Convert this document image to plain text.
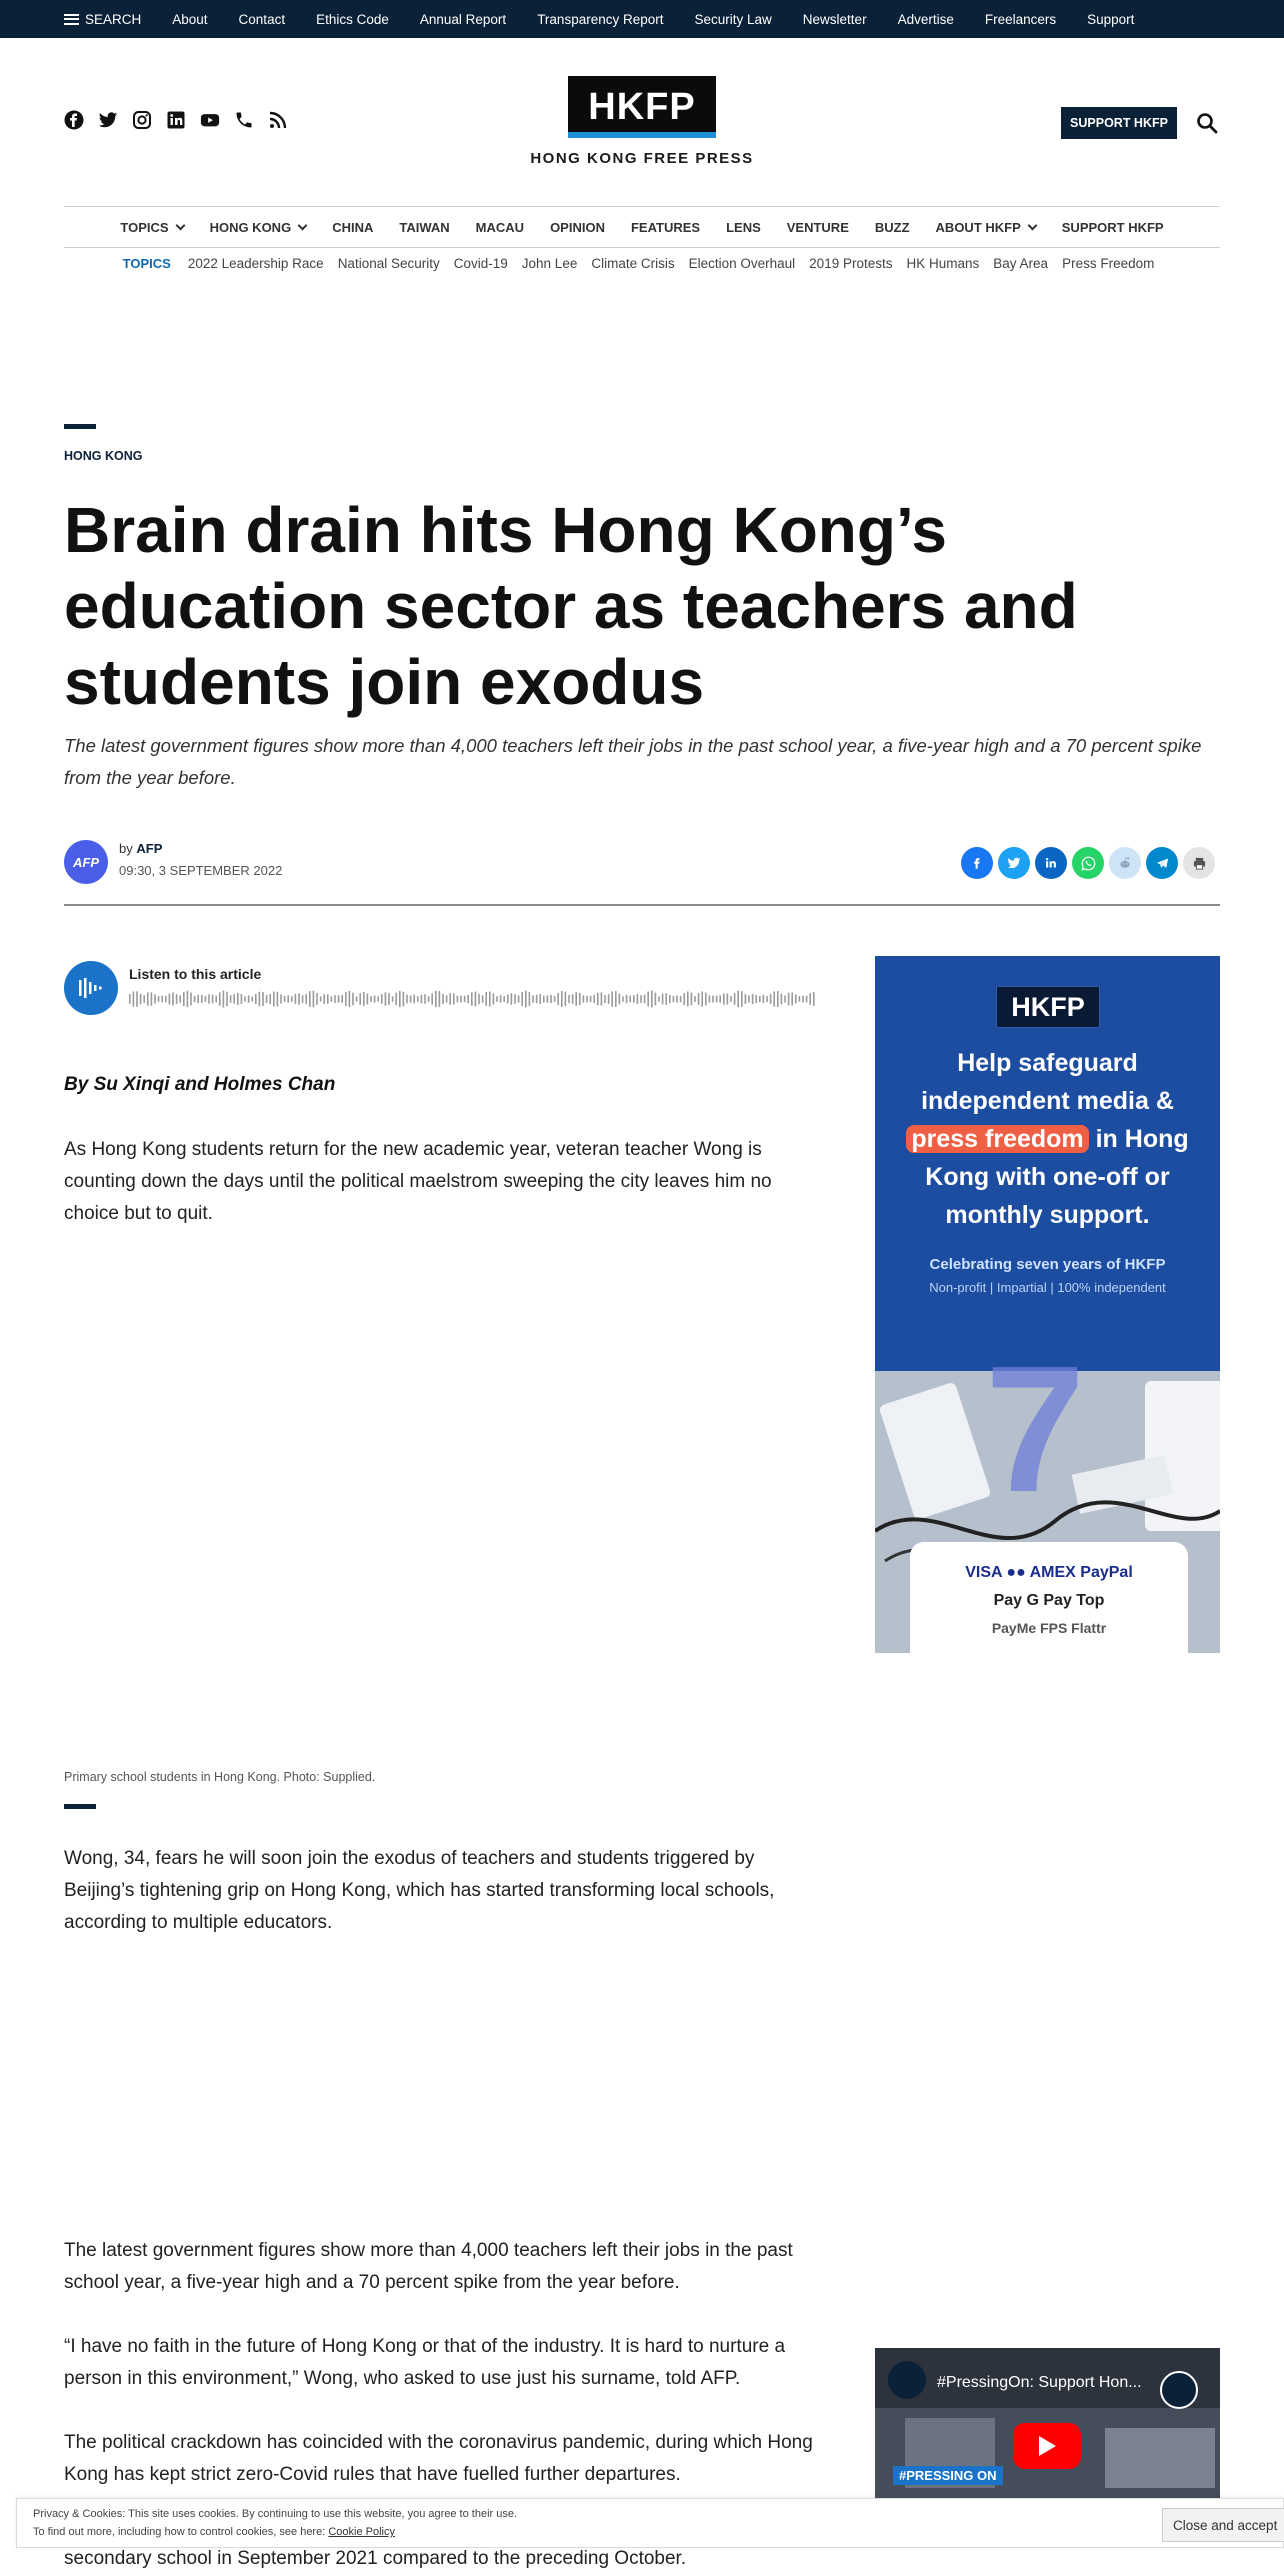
SEARCH About Contact Ethics Code Annual Report Transparency Report Security Law Newsletter Advertise Freelancers Support
HKFP
HONG KONG FREE PRESS
SUPPORT HKFP
TOPICS	HONG KONG	CHINA TAIWAN MACAU OPINION FEATURES LENS VENTURE BUZZ ABOUT HKFP	SUPPORT HKFP
TOPICS 2022 Leadership Race National Security Covid-19 John Lee Climate Crisis Election Overhaul 2019 Protests HK Humans Bay Area Press Freedom
HONG KONG
Brain drain hits Hong Kong’s education sector as teachers and students join exodus

The latest government figures show more than 4,000 teachers left their jobs in the past school year, a five-year high and a 70 percent spike from the year before.

AFP
by AFP
09:30, 3 SEPTEMBER 2022
Listen to this article
By Su Xinqi and Holmes Chan

As Hong Kong students return for the new academic year, veteran teacher Wong is counting down the days until the political maelstrom sweeping the city leaves him no choice but to quit.

Primary school students in Hong Kong. Photo: Supplied.

Wong, 34, fears he will soon join the exodus of teachers and students triggered by Beijing’s tightening grip on Hong Kong, which has started transforming local schools, according to multiple educators.

The latest government figures show more than 4,000 teachers left their jobs in the past school year, a five-year high and a 70 percent spike from the year before.

“I have no faith in the future of Hong Kong or that of the industry. It is hard to nurture a person in this environment,” Wong, who asked to use just his surname, told AFP.

The political crackdown has coincided with the coronavirus pandemic, during which Hong Kong has kept strict zero-Covid rules that have fuelled further departures.

secondary school in September 2021 compared to the preceding October.
HKFP
Help safeguard independent media & press freedom in Hong Kong with one-off or monthly support.
Celebrating seven years of HKFP
Non-profit | Impartial | 100% independent
7
VISA ●● AMEX PayPal
Pay G Pay Top
PayMe FPS Flattr
#PressingOn: Support Hon...
#PRESSING ON
Privacy & Cookies: This site uses cookies. By continuing to use this website, you agree to their use.
To find out more, including how to control cookies, see here: Cookie Policy	Close and accept
